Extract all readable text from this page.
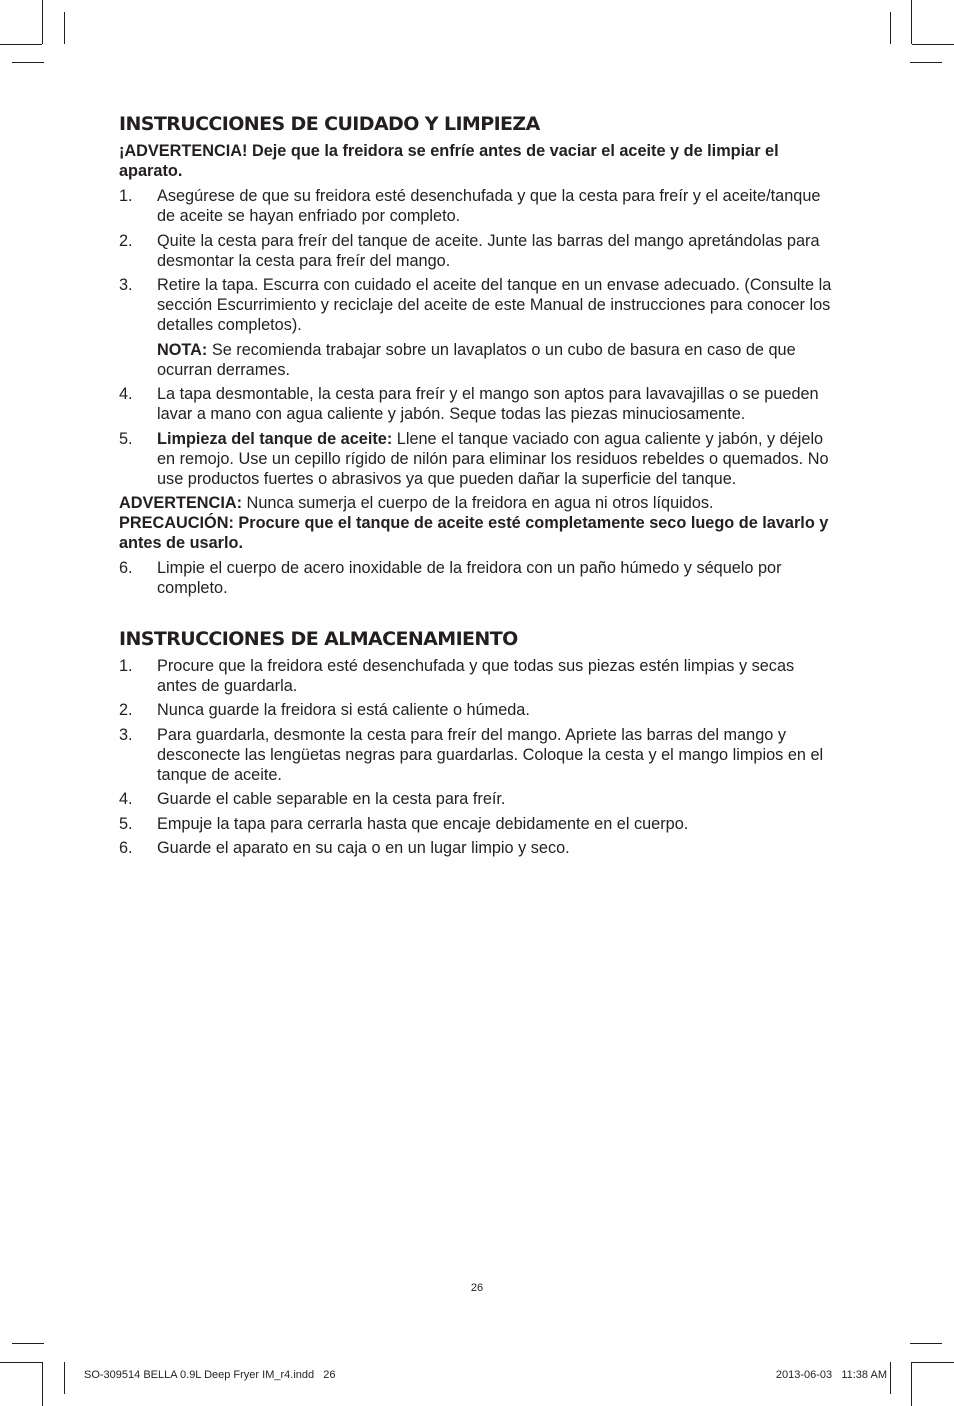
INSTRUCCIONES DE CUIDADO Y LIMPIEZA

¡ADVERTENCIA! Deje que la freidora se enfríe antes de vaciar el aceite y de limpiar el aparato.

1.	Asegúrese de que su freidora esté desenchufada y que la cesta para freír y el aceite/tanque de aceite se hayan enfriado por completo.
2.	Quite la cesta para freír del tanque de aceite. Junte las barras del mango apretándolas para desmontar la cesta para freír del mango.
3.	Retire la tapa. Escurra con cuidado el aceite del tanque en un envase adecuado. (Consulte la sección Escurrimiento y reciclaje del aceite de este Manual de instrucciones para conocer los detalles completos).

NOTA: Se recomienda trabajar sobre un lavaplatos o un cubo de basura en caso de que ocurran derrames.

4.	La tapa desmontable, la cesta para freír y el mango son aptos para lavavajillas o se pueden lavar a mano con agua caliente y jabón. Seque todas las piezas minuciosamente.
5.	Limpieza del tanque de aceite: Llene el tanque vaciado con agua caliente y jabón, y déjelo en remojo. Use un cepillo rígido de nilón para eliminar los residuos rebeldes o quemados. No use productos fuertes o abrasivos ya que pueden dañar la superficie del tanque.

ADVERTENCIA: Nunca sumerja el cuerpo de la freidora en agua ni otros líquidos.

PRECAUCIÓN: Procure que el tanque de aceite esté completamente seco luego de lavarlo y antes de usarlo.

6.	Limpie el cuerpo de acero inoxidable de la freidora con un paño húmedo y séquelo por completo.
INSTRUCCIONES DE ALMACENAMIENTO
1.	Procure que la freidora esté desenchufada y que todas sus piezas estén limpias y secas antes de guardarla.
2.	Nunca guarde la freidora si está caliente o húmeda.
3.	Para guardarla, desmonte la cesta para freír del mango. Apriete las barras del mango y desconecte las lengüetas negras para guardarlas. Coloque la cesta y el mango limpios en el tanque de aceite.
4.	Guarde el cable separable en la cesta para freír.
5.	Empuje la tapa para cerrarla hasta que encaje debidamente en el cuerpo.
6.	Guarde el aparato en su caja o en un lugar limpio y seco.
26
SO-309514 BELLA 0.9L Deep Fryer IM_r4.indd   26	2013-06-03   11:38 AM
